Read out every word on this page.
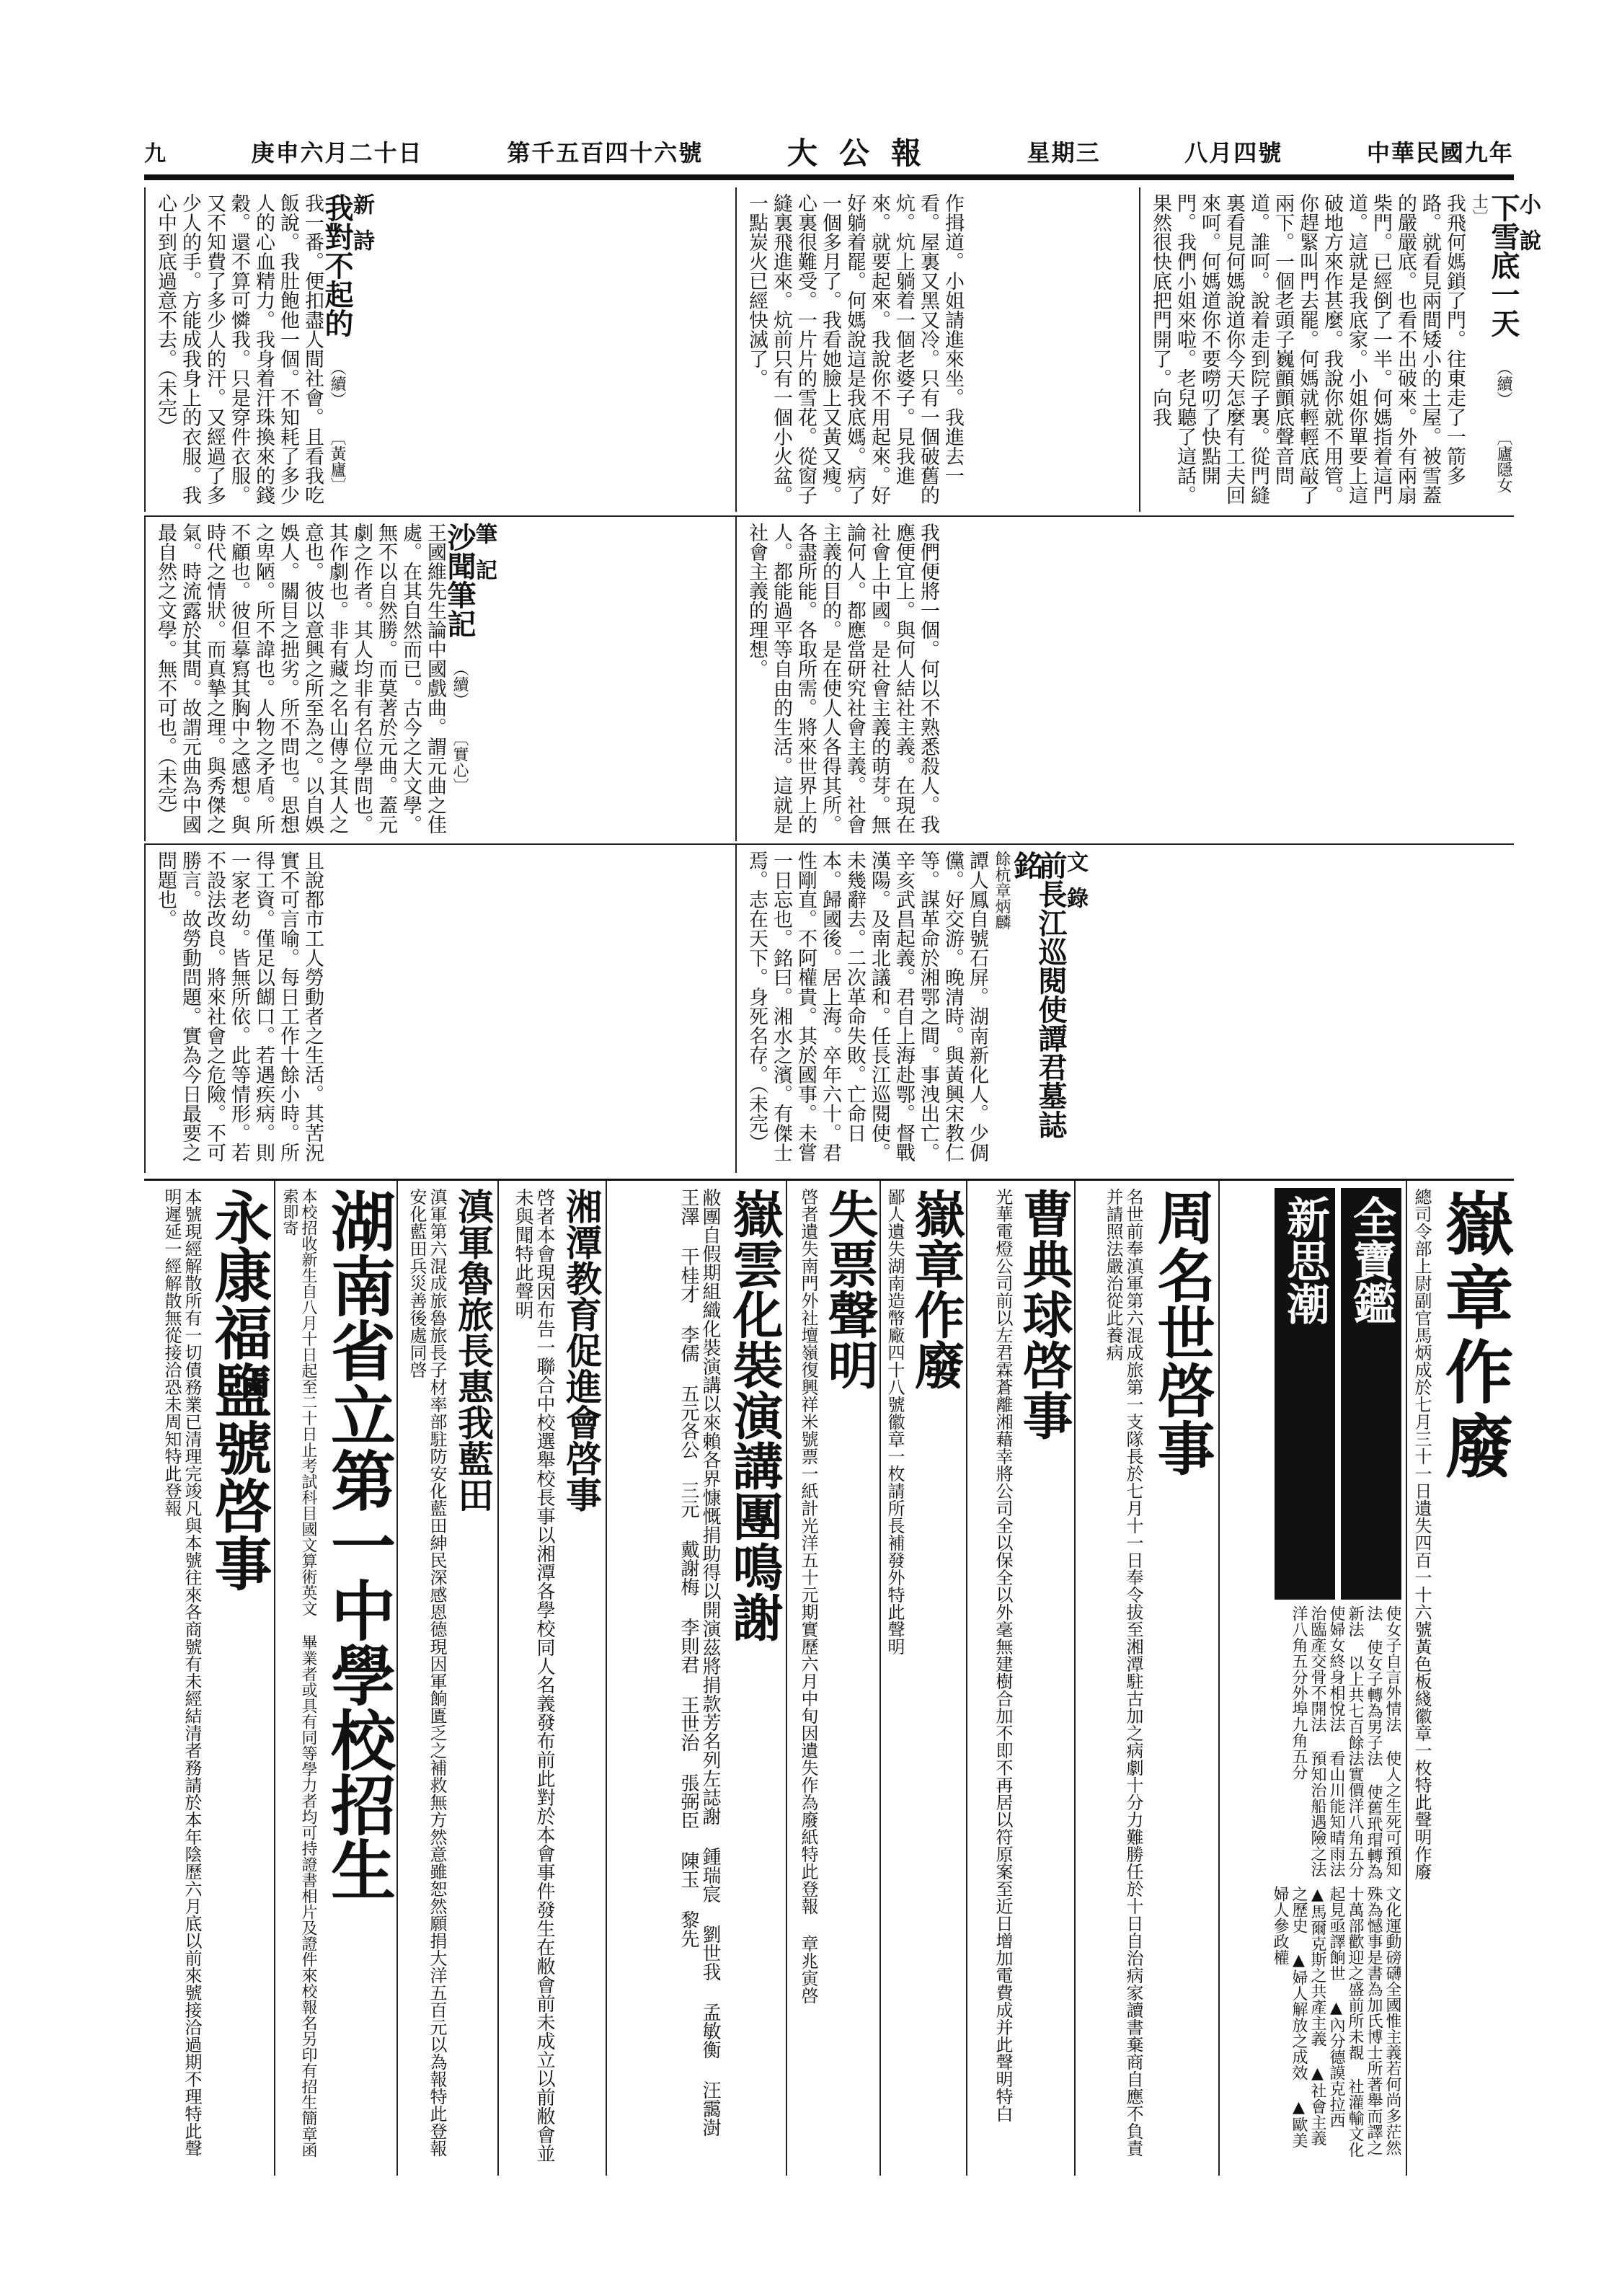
九	庚申六月二十日	第千五百四十六號	大公報	星期三	八月四號	中華民國九年
小說
下雪底一天 （續） 〔廬隱女士〕
我飛何媽鎖了門。往東走了一箭多路。就看見兩間矮小的土屋。被雪蓋的嚴嚴底。也看不出破來。外有兩扇柴門。已經倒了一半。何媽指着這門道。這就是我底家。小姐你單要上這破地方來作甚麼。我說你就不用管。你趕緊叫門去罷。何媽就輕輕底敲了兩下。一個老頭子巍顫顫底聲音問道。誰呵。說着走到院子裏。從門縫裏看見何媽說道你今天怎麼有工夫回來呵。何媽道你不要嘮叨了快點開門。我們小姐來啦。老兒聽了這話。果然很快底把門開了。向我
作揖道。小姐請進來坐。我進去一看。屋裏又黑又冷。只有一個破舊的炕。炕上躺着一個老婆子。見我進來。就要起來。我說你不用起來。好好躺着罷。何媽說這是我底媽。病了一個多月了。我看她臉上又黃又瘦。心裏很難受。一片片的雪花。從窗子縫裏飛進來。炕前只有一個小火盆。一點炭火已經快滅了。
新詩
我對不起的 （續） 〔黃廬〕
我一番。便扣盡人間社會。且看我吃飯說。我肚飽他一個。不知耗了多少人的心血精力。我身着汗珠換來的錢穀。還不算可憐我。只是穿件衣服。又不知費了多少人的汗。又經過了多少人的手。方能成我身上的衣服。我心中到底過意不去。（未完）
我們便將一個。何以不熟悉殺人。我應便宜上。與何人結社主義。在現在社會上中國。是社會主義的萌芽。無論何人。都應當研究社會主義。社會主義的目的。是在使人人各得其所。各盡所能。各取所需。將來世界上的人。都能過平等自由的生活。這就是社會主義的理想。
筆記
沙聞筆記 （續） 〔實心〕
王國維先生論中國戲曲。謂元曲之佳處。在其自然而已。古今之大文學。無不以自然勝。而莫著於元曲。蓋元劇之作者。其人均非有名位學問也。其作劇也。非有藏之名山傳之其人之意也。彼以意興之所至為之。以自娛娛人。關目之拙劣。所不問也。思想之卑陋。所不諱也。人物之矛盾。所不顧也。彼但摹寫其胸中之感想。與時代之情狀。而真摯之理。與秀傑之氣。時流露於其間。故謂元曲為中國最自然之文學。無不可也。（未完）
文錄
前長江巡閱使譚君墓誌銘
餘杭章炳麟
譚人鳳自號石屏。湖南新化人。少倜儻。好交游。晚清時。與黃興宋教仁等。謀革命於湘鄂之間。事洩出亡。辛亥武昌起義。君自上海赴鄂。督戰漢陽。及南北議和。任長江巡閱使。未幾辭去。二次革命失敗。亡命日本。歸國後。居上海。卒年六十。君性剛直。不阿權貴。其於國事。未嘗一日忘也。銘曰。湘水之濱。有傑士焉。志在天下。身死名存。（未完）
且說都市工人勞動者之生活。其苦況實不可言喻。每日工作十餘小時。所得工資。僅足以餬口。若遇疾病。則一家老幼。皆無所依。此等情形。若不設法改良。將來社會之危險。不可勝言。故勞動問題。實為今日最要之問題也。
嶽章作廢
總司令部上尉副官馬炳成於七月三十一日遺失四百一十六號黃色板綫徽章一枚特此聲明作廢
全寶鑑
新思潮
使女子自言外情法 使人之生死可預知法 使女子轉為男子法 使舊玳瑁轉為新法 以上共七百餘法實價洋八角五分 使婦女終身相悅法 看山川能知晴雨法 治臨產交骨不開法 預知治船遇險之法 洋八角五分外埠九角五分
文化運動磅礴全國惟主義若何尚多茫然殊為憾事是書為加氏博士所著舉而譯之十萬部歡迎之盛前所未覩 社灌輸文化起見亟譯餉世 ▲內分德謨克拉西 ▲馬爾克斯之共產主義 ▲社會主義之歷史 ▲婦人解放之成效 ▲歐美婦人參政權
周名世啓事
名世前奉滇軍第六混成旅第一支隊長於七月十一日奉令拔至湘潭駐古加之病劇十分力難勝任於十日自治病家讀書棄商自應不負責并請照法嚴治從此養病
曹典球啓事
光華電燈公司前以左君霖蒼離湘藉幸將公司全以保全以外毫無建樹合加不即不再居以符原案至近日增加電費成并此聲明特白
嶽章作廢
鄙人遺失湖南造幣廠四十八號徽章一枚請所長補發外特此聲明
失票聲明
啓者遺失南門外社壇嶺復興祥米號票一紙計光洋五十元期實歷六月中旬因遺失作為廢紙特此登報 章兆寅啓
嶽雲化裝演講團鳴謝
敝團自假期組織化裝演講以來賴各界慷慨捐助得以開演茲將捐款芳名列左誌謝 鍾瑞宸 劉世我 孟敏衡 汪靄澍 王澤 干桂才 李儒 五元各公 三元 戴謝梅 李則君 王世治 張弼臣 陳玉 黎先
湘潭教育促進會啓事
啓者本會現因布告一聯合中校選舉校長事以湘潭各學校同人名義發布前此對於本會事件發生在敝會前未成立以前敝會並未與聞特此聲明
滇軍魯旅長惠我藍田
滇軍第六混成旅魯旅長子材率部駐防安化藍田紳民深感恩德現因軍餉匱乏之補救無方然意雖恕然願捐大洋五百元以為報特此登報安化藍田兵災善後處同啓
湖南省立第一中學校招生
本校招收新生自八月十日起至二十日止考試科目國文算術英文 畢業者或具有同等學力者均可持證書相片及證件來校報名另印有招生簡章函索即寄
永康福鹽號啓事
本號現經解散所有一切債務業已清理完竣凡與本號往來各商號有未經結清者務請於本年陰歷六月底以前來號接洽過期不理特此聲明遲延一經解散無從接洽恐未周知特此登報
